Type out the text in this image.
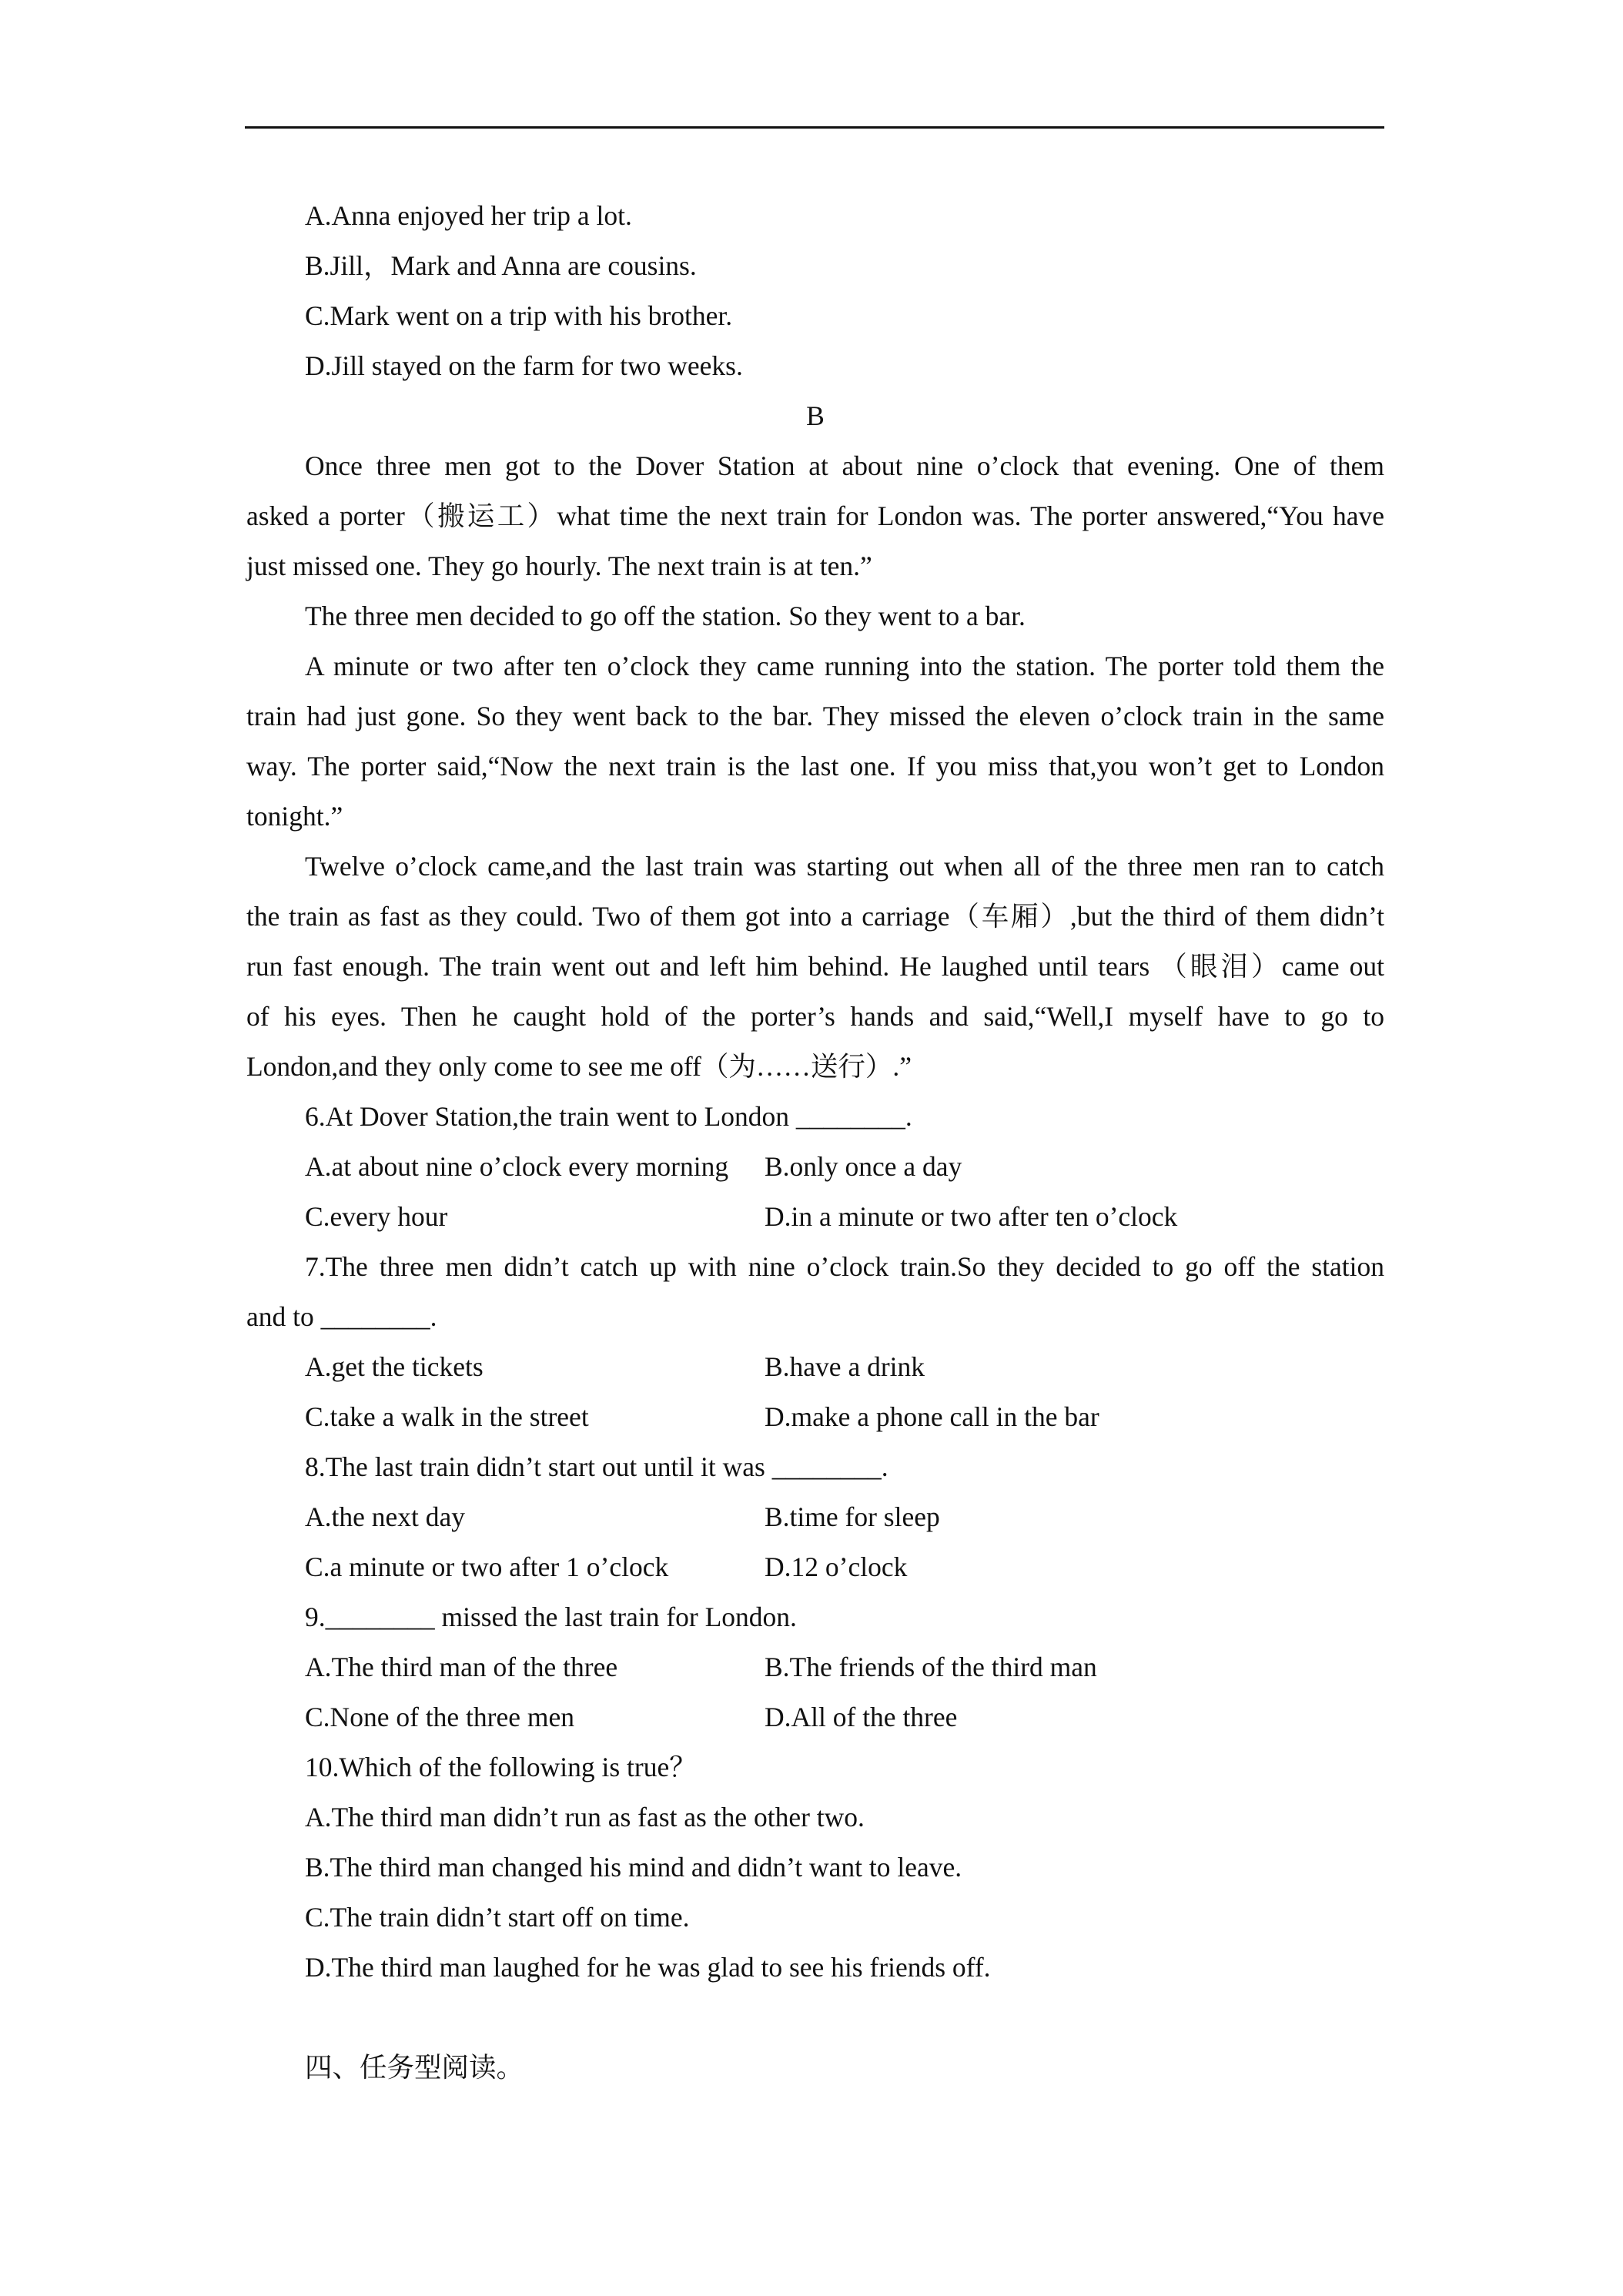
A.Anna enjoyed her trip a lot.
B.Jill，Mark and Anna are cousins.
C.Mark went on a trip with his brother.
D.Jill stayed on the farm for two weeks.
B
Once three men got to the Dover Station at about nine o’clock that evening. One of them
asked a porter（搬运工）what time the next train for London was. The porter answered,“You have
just missed one. They go hourly. The next train is at ten.”
The three men decided to go off the station. So they went to a bar.
A minute or two after ten o’clock they came running into the station. The porter told them the
train had just gone. So they went back to the bar. They missed the eleven o’clock train in the same
way. The porter said,“Now the next train is the last one. If you miss that,you won’t get to London
tonight.”
Twelve o’clock came,and the last train was starting out when all of the three men ran to catch
the train as fast as they could. Two of them got into a carriage（车厢）,but the third of them didn’t
run fast enough. The train went out and left him behind. He laughed until tears （眼泪）came out
of his eyes. Then he caught hold of the porter’s hands and said,“Well,I myself have to go to
London,and they only come to see me off（为……送行）.”
6.At Dover Station,the train went to London ________.
A.at about nine o’clock every morning	B.only once a day
C.every hour	D.in a minute or two after ten o’clock
7.The three men didn’t catch up with nine o’clock train.So they decided to go off the station
and to ________.
A.get the tickets	B.have a drink
C.take a walk in the street	D.make a phone call in the bar
8.The last train didn’t start out until it was ________.
A.the next day	B.time for sleep
C.a minute or two after 1 o’clock	D.12 o’clock
9.________ missed the last train for London.
A.The third man of the three	B.The friends of the third man
C.None of the three men	D.All of the three
10.Which of the following is true？
A.The third man didn’t run as fast as the other two.
B.The third man changed his mind and didn’t want to leave.
C.The train didn’t start off on time.
D.The third man laughed for he was glad to see his friends off.
四、任务型阅读。
